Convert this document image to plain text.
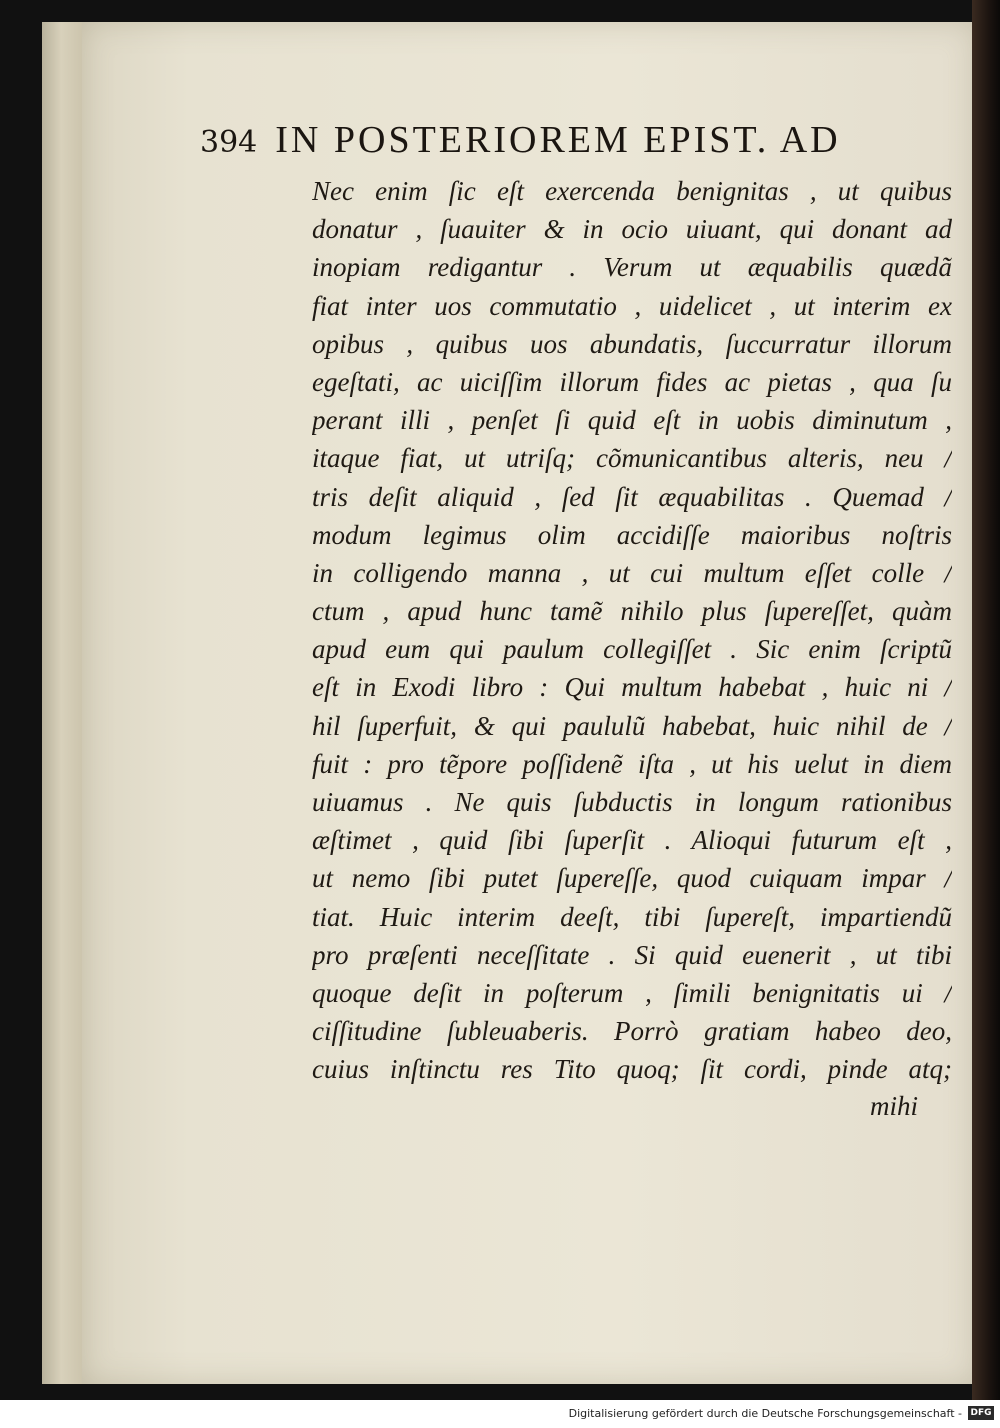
394 IN POSTERIOREM EPIST. AD
Nec enim ſic eſt exercenda benignitas , ut quibus
donatur , ſuauiter & in ocio uiuant, qui donant ad
inopiam redigantur . Verum ut æquabilis quædã
fiat inter uos commutatio , uidelicet , ut interim ex
opibus , quibus uos abundatis, ſuccurratur illorum
egeſtati, ac uiciſſim illorum fides ac pietas , qua ſu
perant illi , penſet ſi quid eſt in uobis diminutum ,
itaque fiat, ut utriſq; cõmunicantibus alteris, neu /
tris deſit aliquid , ſed ſit æquabilitas . Quemad /
modum legimus olim accidiſſe maioribus noſtris
in colligendo manna , ut cui multum eſſet colle /
ctum , apud hunc tamẽ nihilo plus ſupereſſet, quàm
apud eum qui paulum collegiſſet . Sic enim ſcriptũ
eſt in Exodi libro : Qui multum habebat , huic ni /
hil ſuperfuit, & qui paululũ habebat, huic nihil de /
fuit : pro tẽpore poſſidenẽ iſta , ut his uelut in diem
uiuamus . Ne quis ſubductis in longum rationibus
æſtimet , quid ſibi ſuperſit . Alioqui futurum eſt ,
ut nemo ſibi putet ſupereſſe, quod cuiquam impar /
tiat. Huic interim deeſt, tibi ſupereſt, impartiendũ
pro præſenti neceſſitate . Si quid euenerit , ut tibi
quoque deſit in poſterum , ſimili benignitatis ui /
ciſſitudine ſubleuaberis. Porrò gratiam habeo deo,
cuius inſtinctu res Tito quoq; ſit cordi, pinde atq;
mihi
Digitalisierung gefördert durch die Deutsche Forschungsgemeinschaft - DFG
